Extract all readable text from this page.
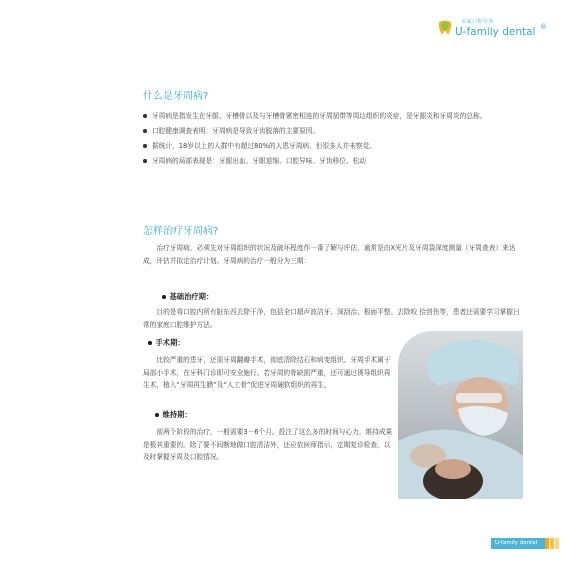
美家口腔诊所
U-family dental ®
什么是牙周病?
牙周病是指发生在牙龈、牙槽骨以及与牙槽骨紧密相连的牙周韧带等周边组织的炎症，是牙龈炎和牙周炎的总称。
口腔健康调查表明：牙周病是导致牙齿脱落的主要原因。
据统计，18岁以上的人群中有超过80%的人患牙周病，但很多人并未察觉。
牙周病的局部表现是：牙龈出血、牙龈退缩、口腔异味、牙齿移位、松动
怎样治疗牙周病?

治疗牙周病，必须先对牙周组织的状况及破坏程度作一番了解与评估，通常是由X光片及牙周袋深度测量（牙周查表）来达成，评估并拟定治疗计划。牙周病的治疗一般分为三期：

基础治疗期：

目的是将口腔内所有脏东西去除干净，包括全口超声波洁牙、深刮治、根面平整、去除咬 拾创伤等，患者还需要学习掌握日常的家庭口腔维护方法。

手术期：

比较严重的患牙，还需牙周翻瓣手术，彻底清除结石和病变组织。牙周手术属于局部小手术，在牙科门诊即可安全施行。若牙周的骨缺损严重，还可通过诱导组织再生术，植入“牙周再生膜”及“人工骨”促进牙周硬软组织的再生。

维持期：

前两个阶段的治疗，一般需要3－6个月。投注了这么多的时间与心力，维持成果是极其重要的。除了要不间断地做口腔清洁外，还应依医师指示，定期复诊检查，以及时掌握牙周及口腔情况。

U-family dental
